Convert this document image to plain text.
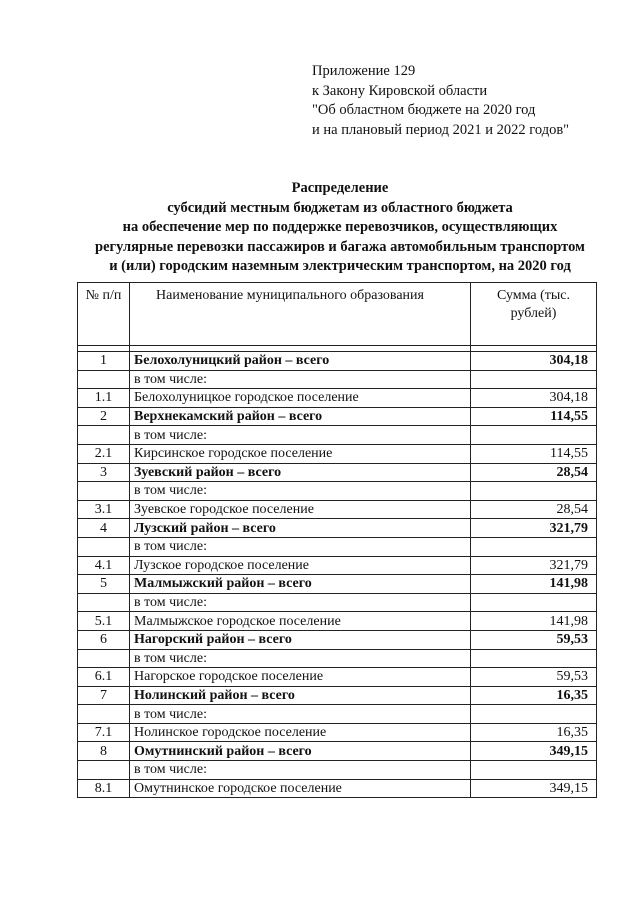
Приложение 129
к Закону Кировской области
"Об областном бюджете на 2020 год
и на плановый период 2021 и 2022 годов"
Распределение
субсидий местным бюджетам из областного бюджета
на обеспечение мер по поддержке перевозчиков, осуществляющих
регулярные перевозки пассажиров и багажа автомобильным транспортом
и (или) городским наземным электрическим транспортом, на 2020 год
№ п/п	Наименование муниципального образования	Сумма (тыс. рублей)

1	Белохолуницкий район – всего	304,18
	в том числе:	
1.1	Белохолуницкое городское поселение	304,18
2	Верхнекамский район – всего	114,55
	в том числе:	
2.1	Кирсинское городское поселение	114,55
3	Зуевский район – всего	28,54
	в том числе:	
3.1	Зуевское городское поселение	28,54
4	Лузский район – всего	321,79
	в том числе:	
4.1	Лузское городское поселение	321,79
5	Малмыжский район – всего	141,98
	в том числе:	
5.1	Малмыжское городское поселение	141,98
6	Нагорский район – всего	59,53
	в том числе:	
6.1	Нагорское городское поселение	59,53
7	Нолинский район – всего	16,35
	в том числе:	
7.1	Нолинское городское поселение	16,35
8	Омутнинский район – всего	349,15
	в том числе:	
8.1	Омутнинское городское поселение	349,15
